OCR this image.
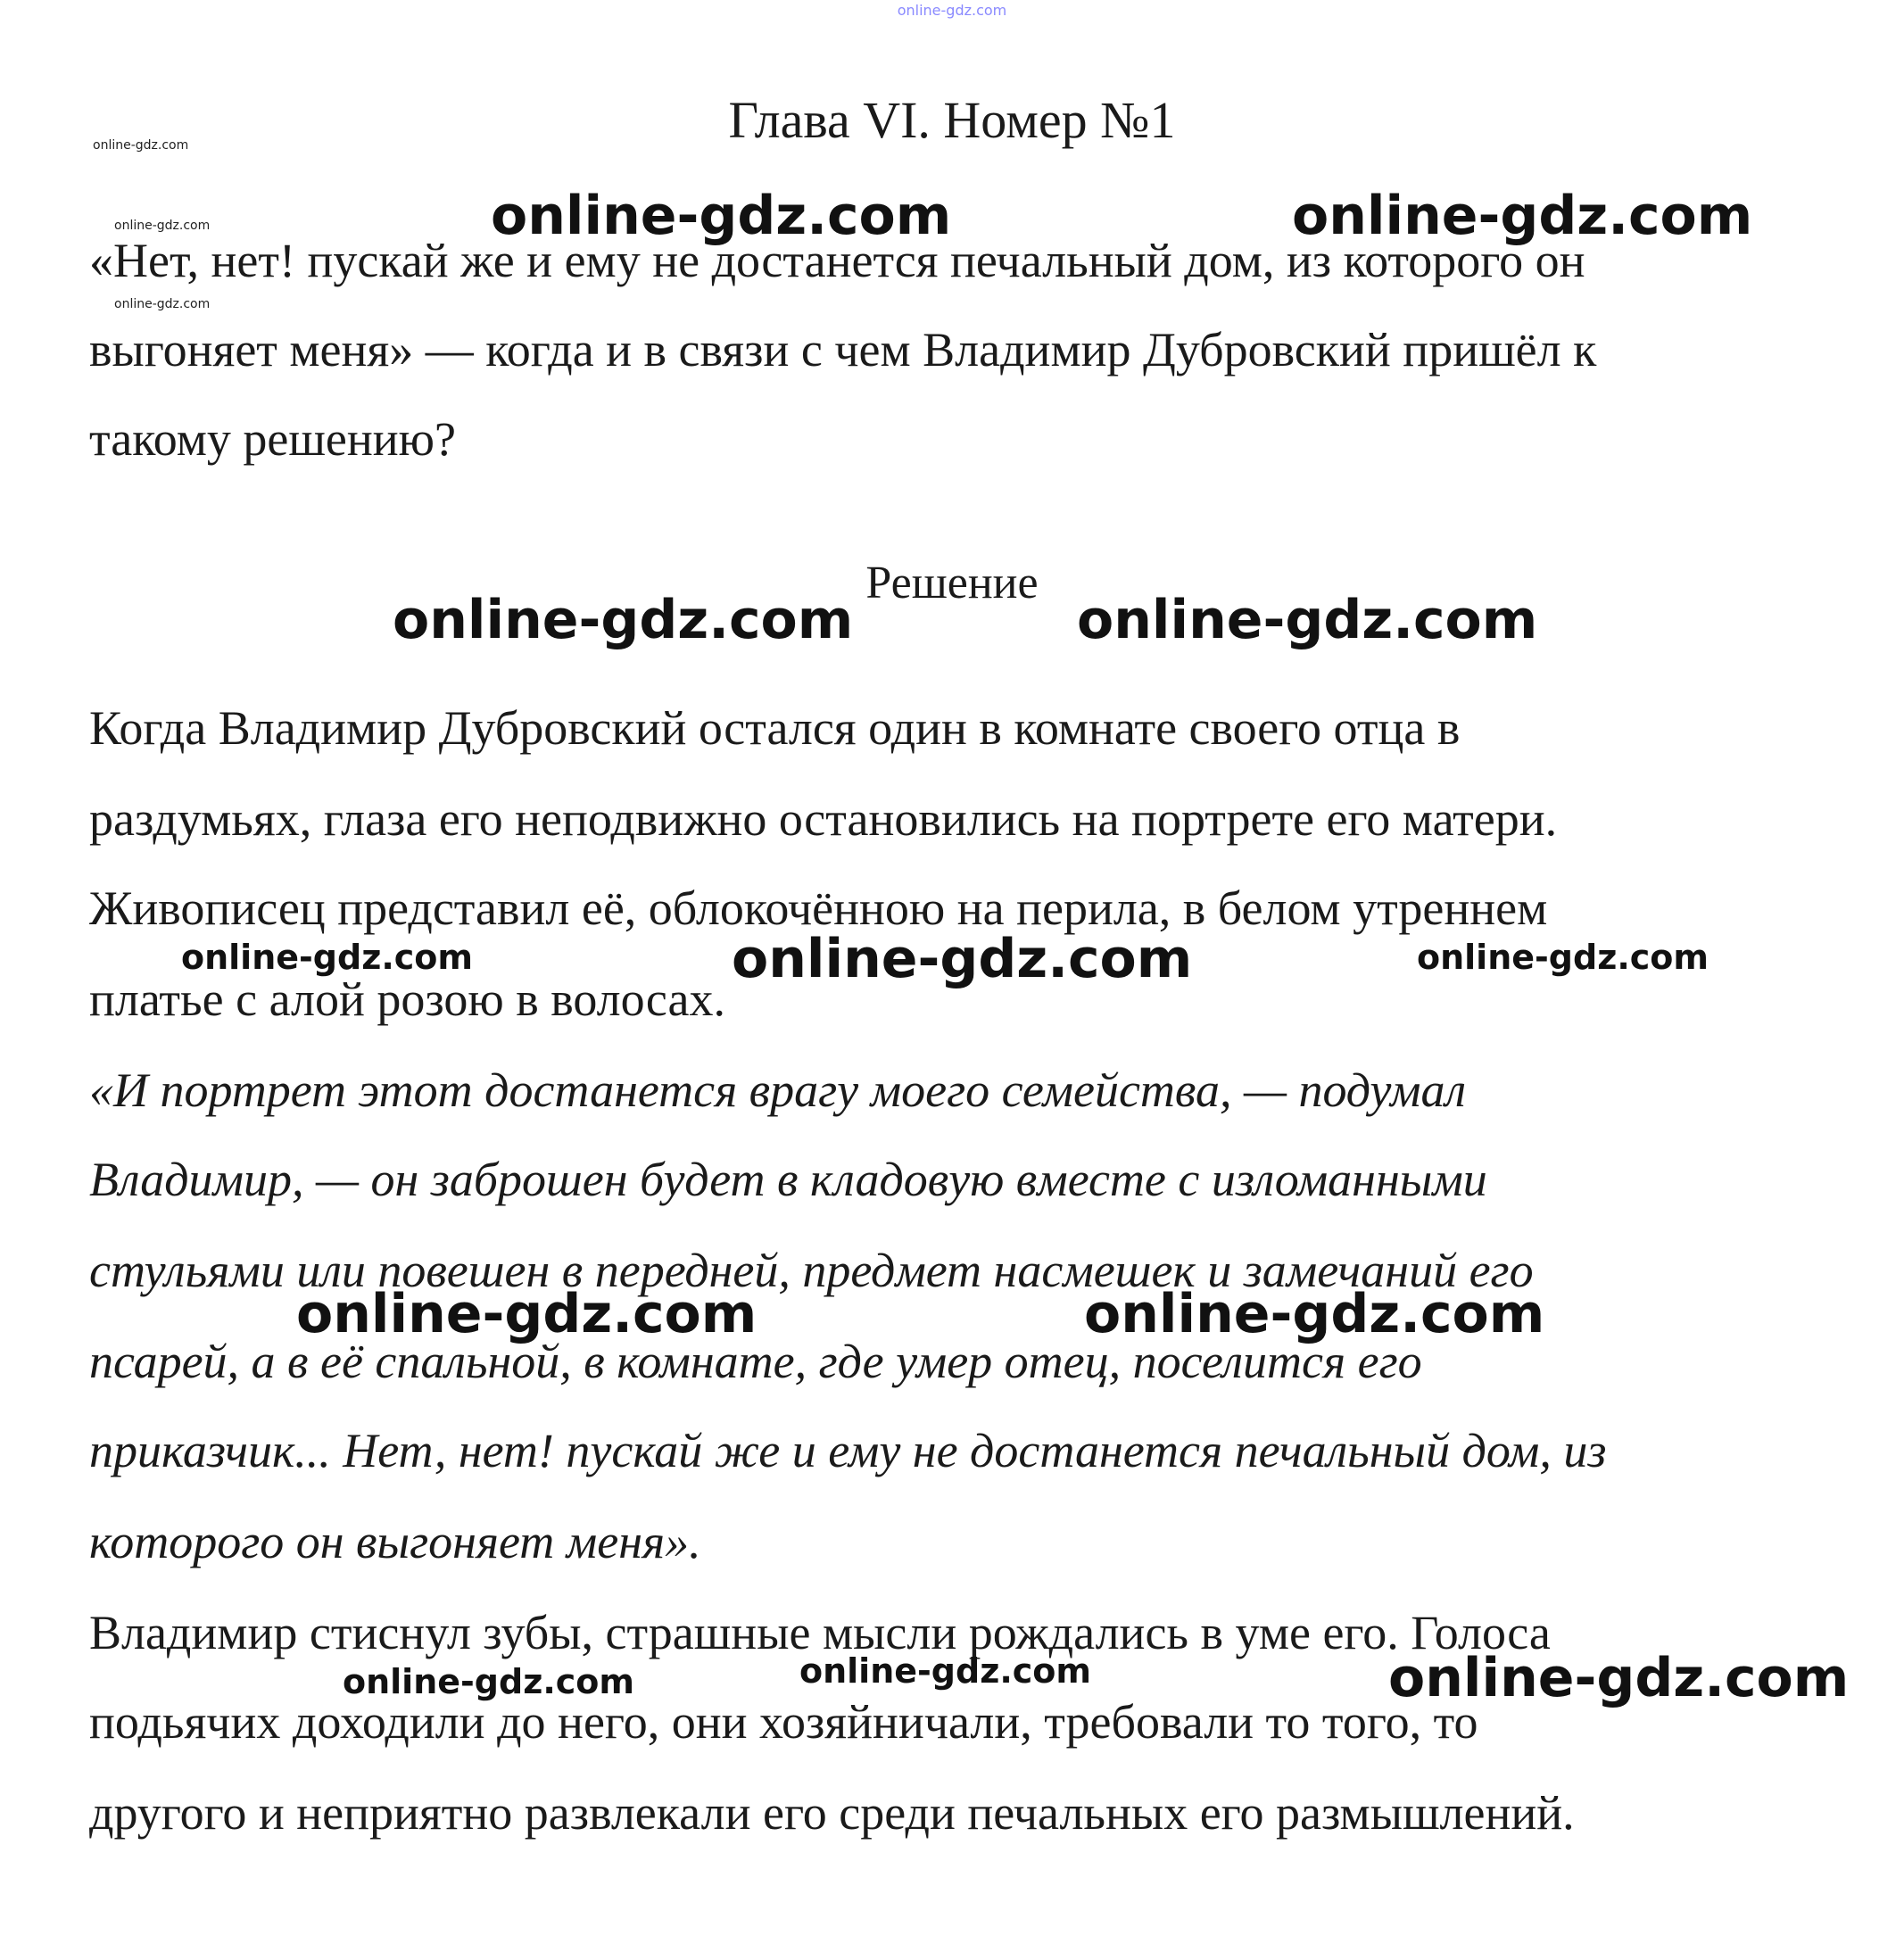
online-gdz.com
Глава VI. Номер №1

«Нет, нет! пускай же и ему не достанется печальный дом, из которого он

выгоняет меня» — когда и в связи с чем Владимир Дубровский пришёл к

такому решению?

Решение

Когда Владимир Дубровский остался один в комнате своего отца в

раздумьях, глаза его неподвижно остановились на портрете его матери.

Живописец представил её, облокочённою на перила, в белом утреннем

платье с алой розою в волосах.

«И портрет этот достанется врагу моего семейства, — подумал

Владимир, — он заброшен будет в кладовую вместе с изломанными

стульями или повешен в передней, предмет насмешек и замечаний его

псарей, а в её спальной, в комнате, где умер отец, поселится его

приказчик... Нет, нет! пускай же и ему не достанется печальный дом, из

которого он выгоняет меня».

Владимир стиснул зубы, страшные мысли рождались в уме его. Голоса

подьячих доходили до него, они хозяйничали, требовали то того, то

другого и неприятно развлекали его среди печальных его размышлений.

online-gdz.com
online-gdz.com
online-gdz.com
online-gdz.com	online-gdz.com
online-gdz.com	online-gdz.com
online-gdz.com	online-gdz.com	online-gdz.com
online-gdz.com	online-gdz.com
online-gdz.com	online-gdz.com	online-gdz.com
